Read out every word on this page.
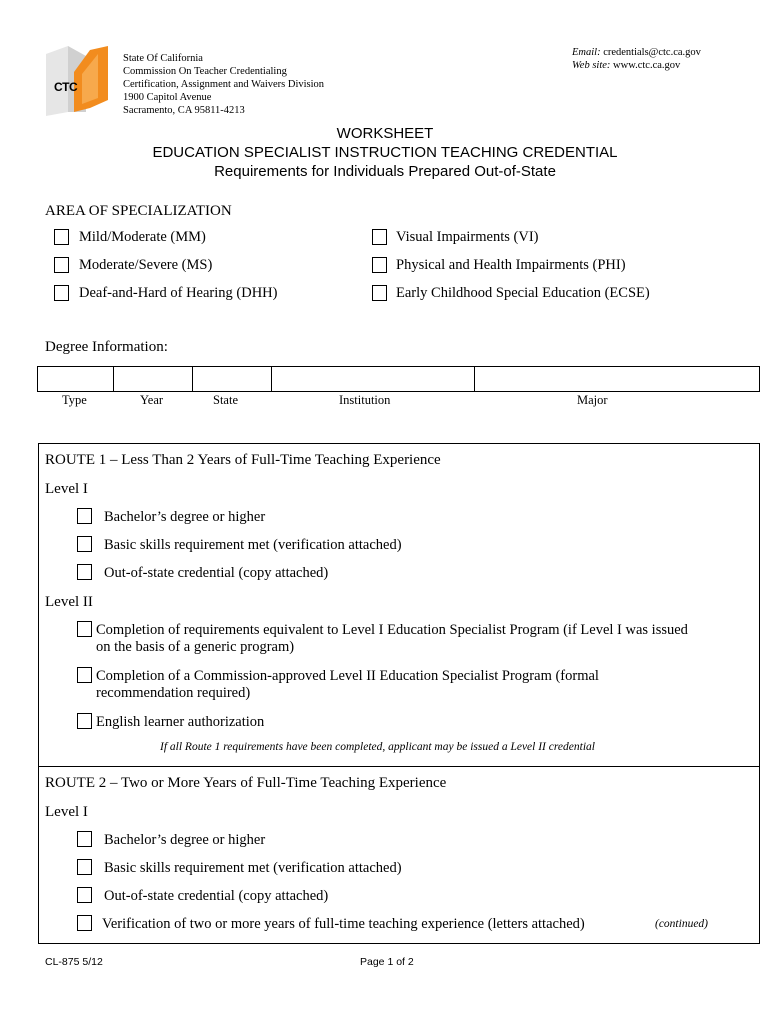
CTC
State Of California
Commission On Teacher Credentialing
Certification, Assignment and Waivers Division
1900 Capitol Avenue
Sacramento, CA 95811-4213
Email: credentials@ctc.ca.gov
Web site: www.ctc.ca.gov
WORKSHEET
EDUCATION SPECIALIST INSTRUCTION TEACHING CREDENTIAL
Requirements for Individuals Prepared Out-of-State
AREA OF SPECIALIZATION
Mild/Moderate (MM)
Moderate/Severe (MS)
Deaf-and-Hard of Hearing (DHH)
Visual Impairments (VI)
Physical and Health Impairments (PHI)
Early Childhood Special Education (ECSE)
Degree Information:
Type	Year	State	Institution	Major
ROUTE 1 – Less Than 2 Years of Full-Time Teaching Experience
Level I
Bachelor’s degree or higher
Basic skills requirement met (verification attached)
Out-of-state credential (copy attached)
Level II
Completion of requirements equivalent to Level I Education Specialist Program (if Level I was issued
on the basis of a generic program)
Completion of a Commission-approved Level II Education Specialist Program (formal
recommendation required)
English learner authorization
If all Route 1 requirements have been completed, applicant may be issued a Level II credential
ROUTE 2 – Two or More Years of Full-Time Teaching Experience
Level I
Bachelor’s degree or higher
Basic skills requirement met (verification attached)
Out-of-state credential (copy attached)
Verification of two or more years of full-time teaching experience (letters attached)	(continued)
CL-875 5/12	Page 1 of 2
